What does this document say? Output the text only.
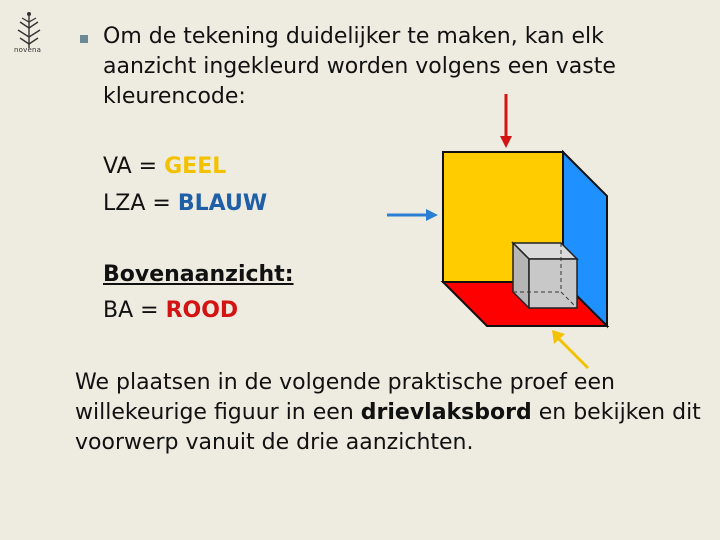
novena

Om de tekening duidelijker te maken, kan elk aanzicht ingekleurd worden volgens een vaste kleurencode:

VA = GEEL
LZA = BLAUW
Bovenaanzicht:
BA = ROOD

We plaatsen in de volgende praktische proef een willekeurige figuur in een drievlaksbord en bekijken dit voorwerp vanuit de drie aanzichten.
